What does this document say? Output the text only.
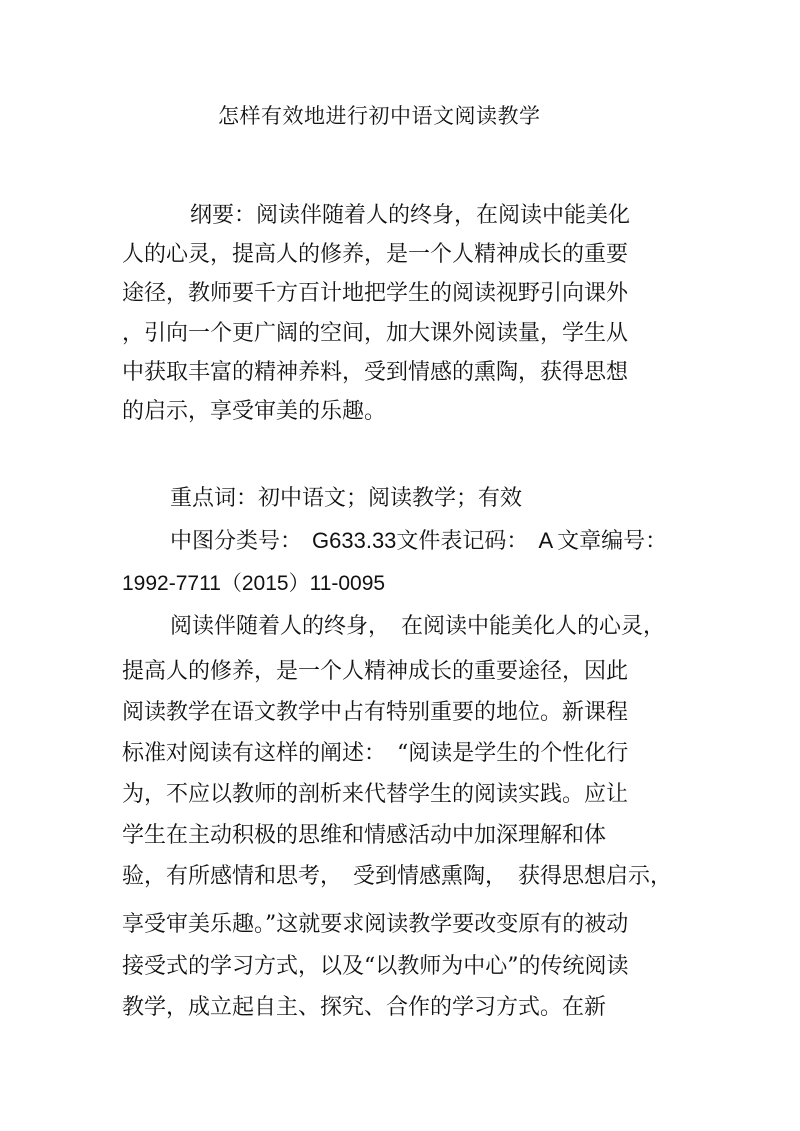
怎样有效地进行初中语文阅读教学
纲要：阅读伴随着人的终身，在阅读中能美化
人的心灵，提高人的修养，是一个人精神成长的重要
途径，教师要千方百计地把学生的阅读视野引向课外
，引向一个更广阔的空间，加大课外阅读量，学生从
中获取丰富的精神养料，受到情感的熏陶，获得思想
的启示，享受审美的乐趣。
重点词：初中语文；阅读教学；有效
中图分类号： G633.33文件表记码： A 文章编号：
1992-7711（2015）11-0095
阅读伴随着人的终身，　在阅读中能美化人的心灵，
提高人的修养，是一个人精神成长的重要途径，因此
阅读教学在语文教学中占有特别重要的地位。新课程
标准对阅读有这样的阐述：　“阅读是学生的个性化行
为，不应以教师的剖析来代替学生的阅读实践。应让
学生在主动积极的思维和情感活动中加深理解和体
验，有所感情和思考，　受到情感熏陶，　获得思想启示，
享受审美乐趣。”这就要求阅读教学要改变原有的被动
接受式的学习方式，以及“以教师为中心”的传统阅读
教学，成立起自主、探究、合作的学习方式。在新
